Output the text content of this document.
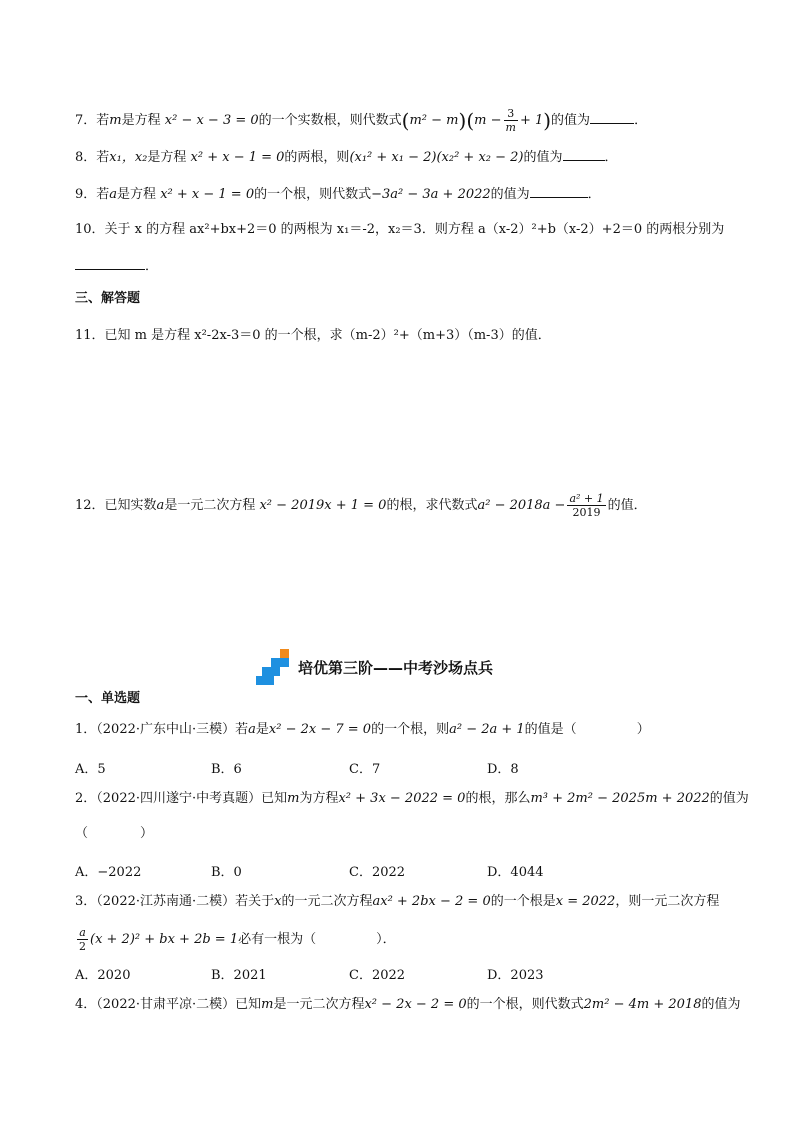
7．若m是方程 x² − x − 3 = 0的一个实数根，则代数式$(m^2 - m)(m - \frac{3}{m} + 1)$的值为	．
8．若x₁，x₂是方程 x² + x − 1 = 0的两根，则(x₁² + x₁ − 2)(x₂² + x₂ − 2)的值为	．
9．若a是方程 x² + x − 1 = 0的一个根，则代数式−3a² − 3a + 2022的值为	．
10．关于 x 的方程 ax²+bx+2＝0 的两根为 x₁＝-2，x₂＝3．则方程 a（x-2）²+b（x-2）+2＝0 的两根分别为
．
三、解答题
11．已知 m 是方程 x²-2x-3＝0 的一个根，求（m-2）²+（m+3）（m-3）的值．
12．已知实数a是一元二次方程 x² − 2019x + 1 = 0的根，求代数式$a^2 - 2018a - \frac{\text{a² + 1}}{2019}$ 的值．
培优第三阶——中考沙场点兵
一、单选题
1．（2022·广东中山·三模）若a是x² − 2x − 7 = 0的一个根，则a² − 2a + 1的值是（	）
A．5	B．6	C．7	D．8
2．（2022·四川遂宁·中考真题）已知m为方程x² + 3x − 2022 = 0的根，那么m³ + 2m² − 2025m + 2022的值为
（　　　　）
A．−2022	B．0	C．2022	D．4044
3．（2022·江苏南通·二模）若关于x的一元二次方程ax² + 2bx − 2 = 0的一个根是x = 2022，则一元二次方程
$\frac{a}{2} (x + 2)^2$ + bx + 2b = 1必有一根为（	）．
A．2020	B．2021	C．2022	D．2023
4．（2022·甘肃平凉·二模）已知m是一元二次方程x² − 2x − 2 = 0的一个根，则代数式2m² − 4m + 2018的值为
